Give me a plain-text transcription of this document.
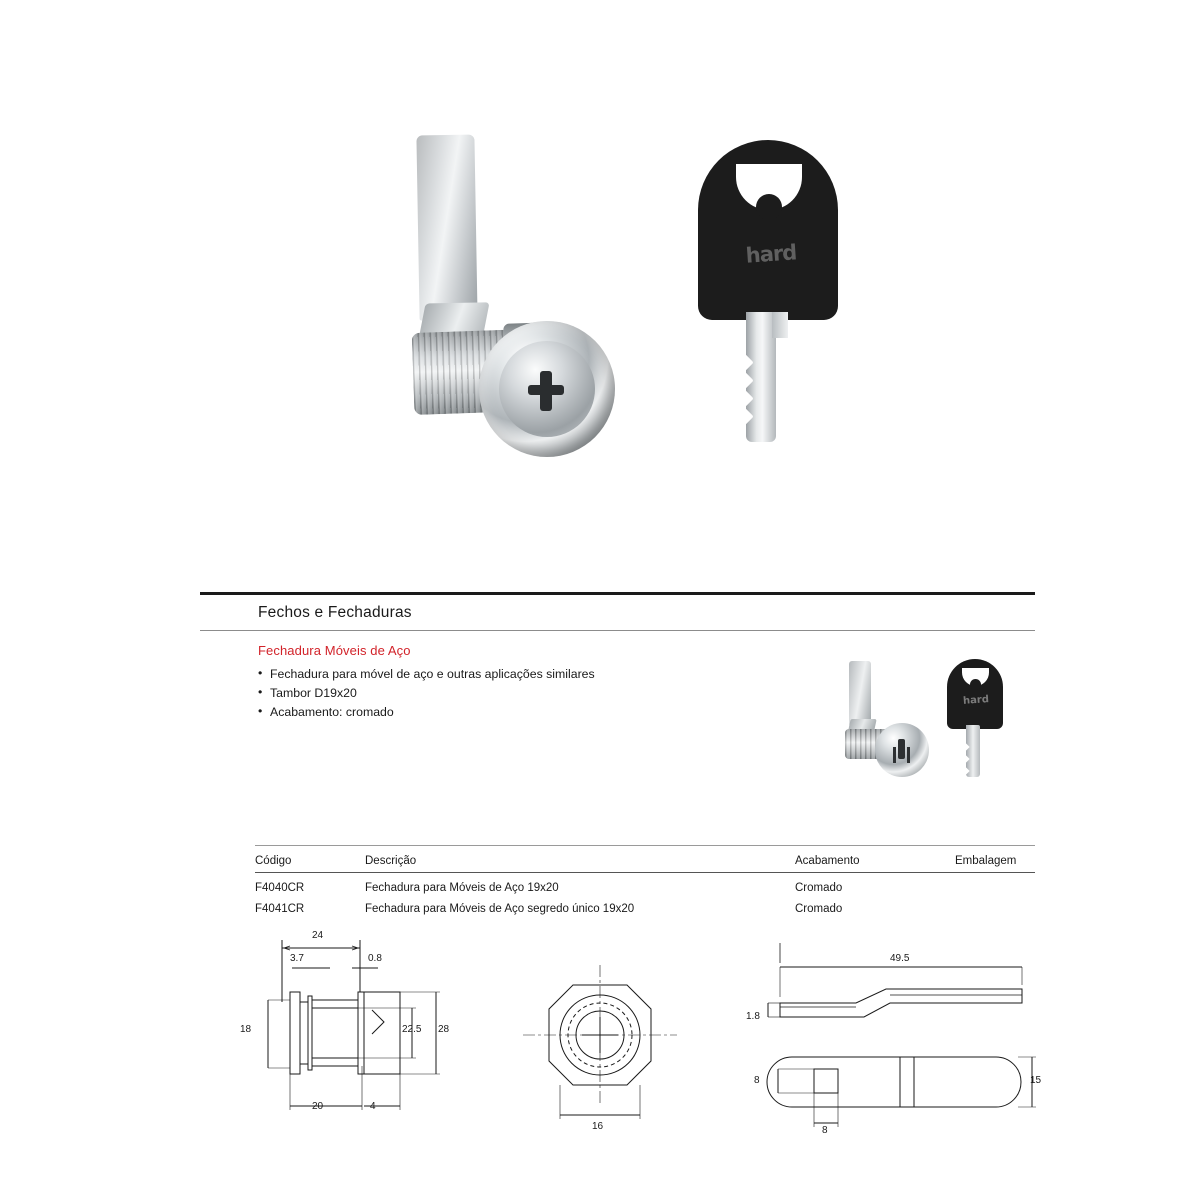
hard
Fechos e Fechaduras
Fechadura Móveis de Aço
• Fechadura para móvel de aço e outras aplicações similares
• Tambor D19x20
• Acabamento: cromado
hard
Código	Descrição	Acabamento	Embalagem
F4040CR	Fechadura para Móveis de Aço 19x20	Cromado
F4041CR	Fechadura para Móveis de Aço segredo único 19x20	Cromado
24
3.7	0.8
18	22.5 28
20	4
16
49.5
1.8
8	15
8
